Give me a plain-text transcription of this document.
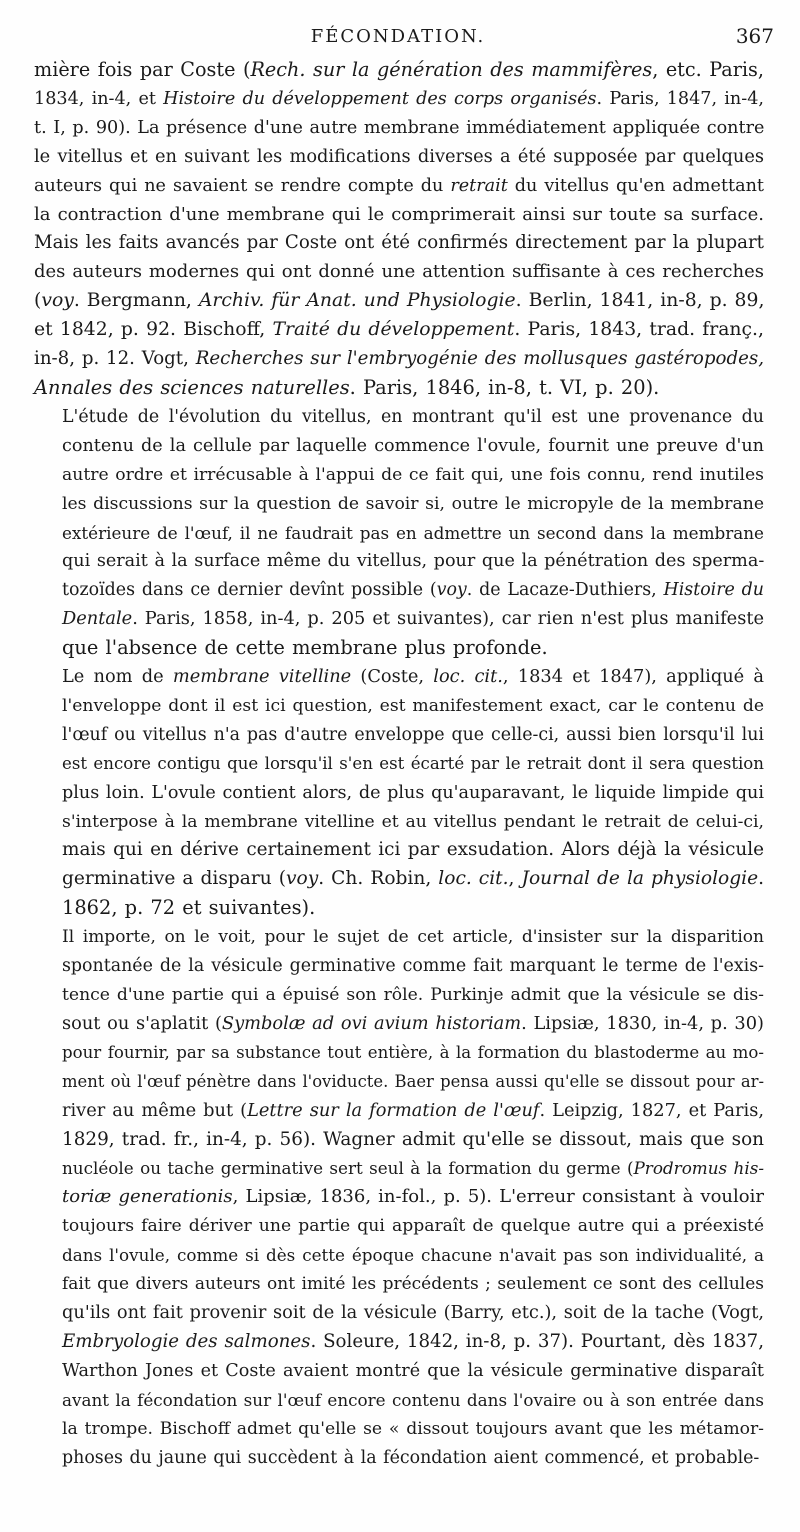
FÉCONDATION.	367
mière fois par Coste (Rech. sur la génération des mammifères, etc. Paris,
1834, in-4, et Histoire du développement des corps organisés. Paris, 1847, in-4,
t. I, p. 90). La présence d'une autre membrane immédiatement appliquée contre
le vitellus et en suivant les modifications diverses a été supposée par quelques
auteurs qui ne savaient se rendre compte du retrait du vitellus qu'en admettant
la contraction d'une membrane qui le comprimerait ainsi sur toute sa surface.
Mais les faits avancés par Coste ont été confirmés directement par la plupart
des auteurs modernes qui ont donné une attention suffisante à ces recherches
(voy. Bergmann, Archiv. für Anat. und Physiologie. Berlin, 1841, in-8, p. 89,
et 1842, p. 92. Bischoff, Traité du développement. Paris, 1843, trad. franç.,
in-8, p. 12. Vogt, Recherches sur l'embryogénie des mollusques gastéropodes,
Annales des sciences naturelles. Paris, 1846, in-8, t. VI, p. 20).
L'étude de l'évolution du vitellus, en montrant qu'il est une provenance du
contenu de la cellule par laquelle commence l'ovule, fournit une preuve d'un
autre ordre et irrécusable à l'appui de ce fait qui, une fois connu, rend inutiles
les discussions sur la question de savoir si, outre le micropyle de la membrane
extérieure de l'œuf, il ne faudrait pas en admettre un second dans la membrane
qui serait à la surface même du vitellus, pour que la pénétration des sperma-
tozoïdes dans ce dernier devînt possible (voy. de Lacaze-Duthiers, Histoire du
Dentale. Paris, 1858, in-4, p. 205 et suivantes), car rien n'est plus manifeste
que l'absence de cette membrane plus profonde.
Le nom de membrane vitelline (Coste, loc. cit., 1834 et 1847), appliqué à
l'enveloppe dont il est ici question, est manifestement exact, car le contenu de
l'œuf ou vitellus n'a pas d'autre enveloppe que celle-ci, aussi bien lorsqu'il lui
est encore contigu que lorsqu'il s'en est écarté par le retrait dont il sera question
plus loin. L'ovule contient alors, de plus qu'auparavant, le liquide limpide qui
s'interpose à la membrane vitelline et au vitellus pendant le retrait de celui-ci,
mais qui en dérive certainement ici par exsudation. Alors déjà la vésicule
germinative a disparu (voy. Ch. Robin, loc. cit., Journal de la physiologie.
1862, p. 72 et suivantes).
Il importe, on le voit, pour le sujet de cet article, d'insister sur la disparition
spontanée de la vésicule germinative comme fait marquant le terme de l'exis-
tence d'une partie qui a épuisé son rôle. Purkinje admit que la vésicule se dis-
sout ou s'aplatit (Symbolæ ad ovi avium historiam. Lipsiæ, 1830, in-4, p. 30)
pour fournir, par sa substance tout entière, à la formation du blastoderme au mo-
ment où l'œuf pénètre dans l'oviducte. Baer pensa aussi qu'elle se dissout pour ar-
river au même but (Lettre sur la formation de l'œuf. Leipzig, 1827, et Paris,
1829, trad. fr., in-4, p. 56). Wagner admit qu'elle se dissout, mais que son
nucléole ou tache germinative sert seul à la formation du germe (Prodromus his-
toriæ generationis, Lipsiæ, 1836, in-fol., p. 5). L'erreur consistant à vouloir
toujours faire dériver une partie qui apparaît de quelque autre qui a préexisté
dans l'ovule, comme si dès cette époque chacune n'avait pas son individualité, a
fait que divers auteurs ont imité les précédents ; seulement ce sont des cellules
qu'ils ont fait provenir soit de la vésicule (Barry, etc.), soit de la tache (Vogt,
Embryologie des salmones. Soleure, 1842, in-8, p. 37). Pourtant, dès 1837,
Warthon Jones et Coste avaient montré que la vésicule germinative disparaît
avant la fécondation sur l'œuf encore contenu dans l'ovaire ou à son entrée dans
la trompe. Bischoff admet qu'elle se « dissout toujours avant que les métamor-
phoses du jaune qui succèdent à la fécondation aient commencé, et probable-
